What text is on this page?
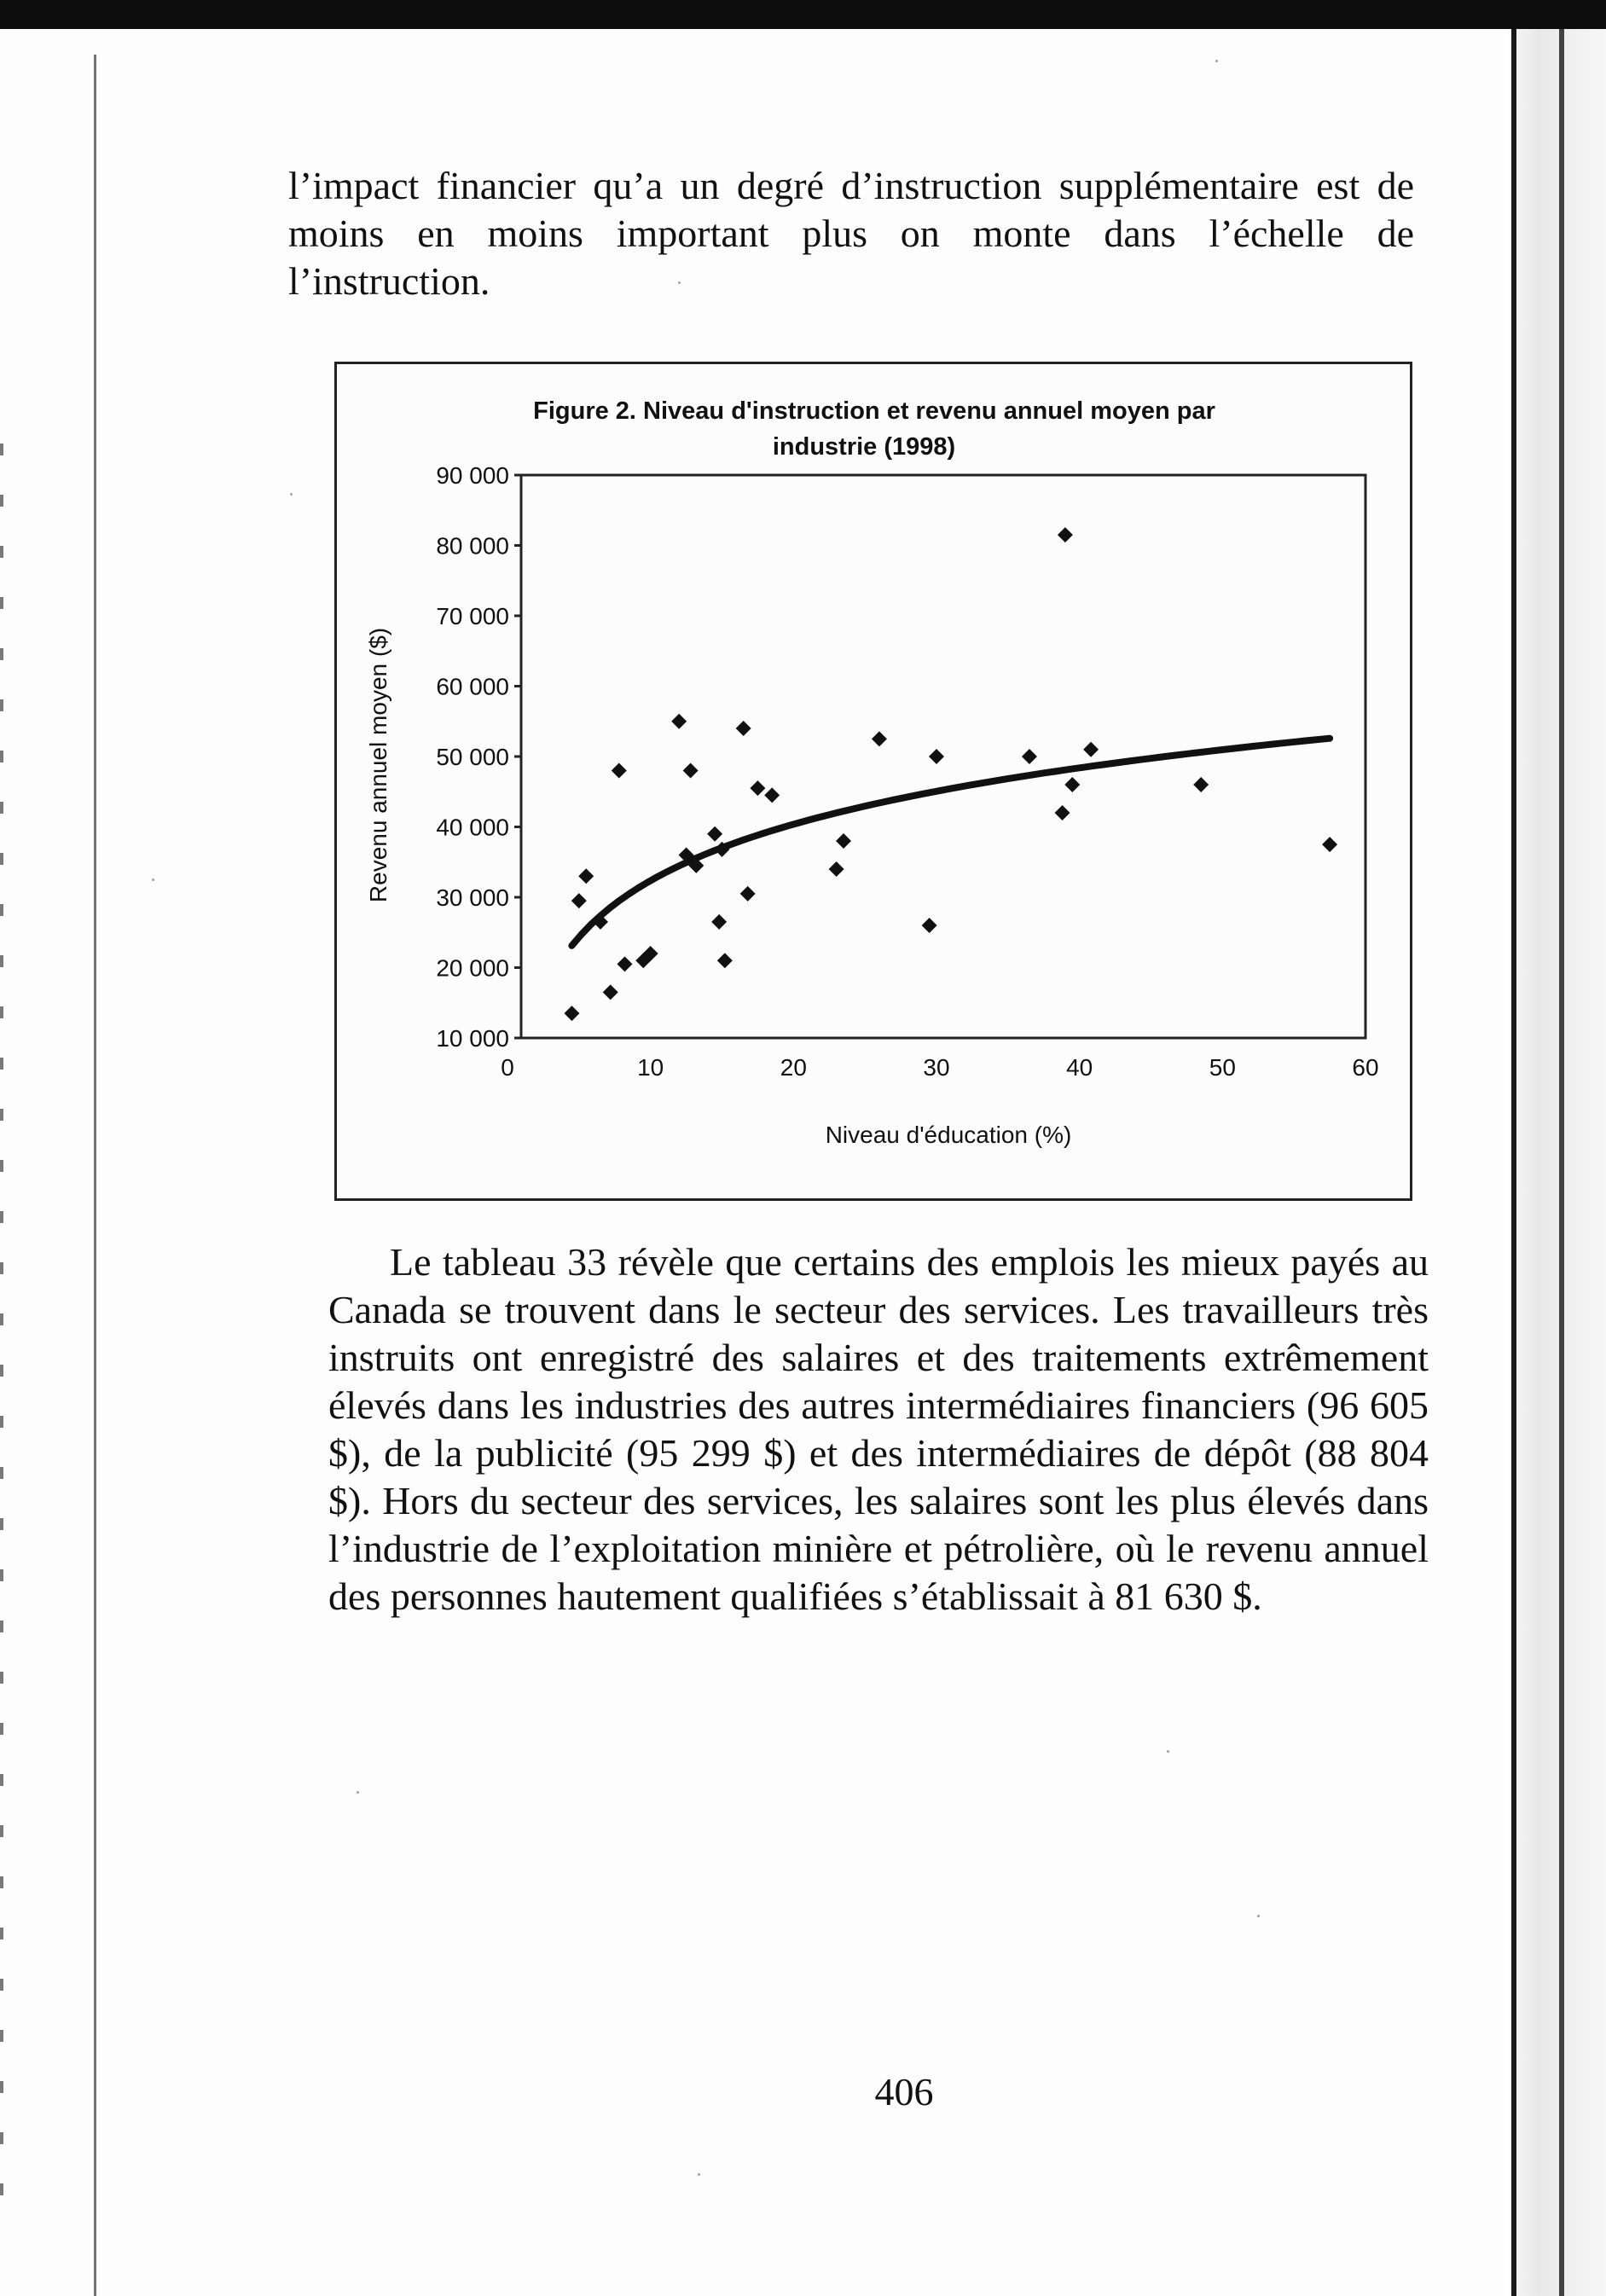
l’impact financier qu’a un degré d’instruction supplémentaire est de moins en moins important plus on monte dans l’échelle de l’instruction.

Figure 2. Niveau d'instruction et revenu annuel moyen par
industrie (1998)
10 000
20 000
30 000
40 000
50 000
60 000
70 000
80 000
90 000
0	10	20	30	40	50	60
Revenu annuel moyen ($)
Niveau d'éducation (%)

Le tableau 33 révèle que certains des emplois les mieux payés au Canada se trouvent dans le secteur des services. Les travailleurs très instruits ont enregistré des salaires et des traitements extrêmement élevés dans les industries des autres intermédiaires financiers (96 605 $), de la publicité (95 299 $) et des intermédiaires de dépôt (88 804 $). Hors du secteur des services, les salaires sont les plus élevés dans l’industrie de l’exploitation minière et pétrolière, où le revenu annuel des personnes hautement qualifiées s’établissait à 81 630 $.

406
